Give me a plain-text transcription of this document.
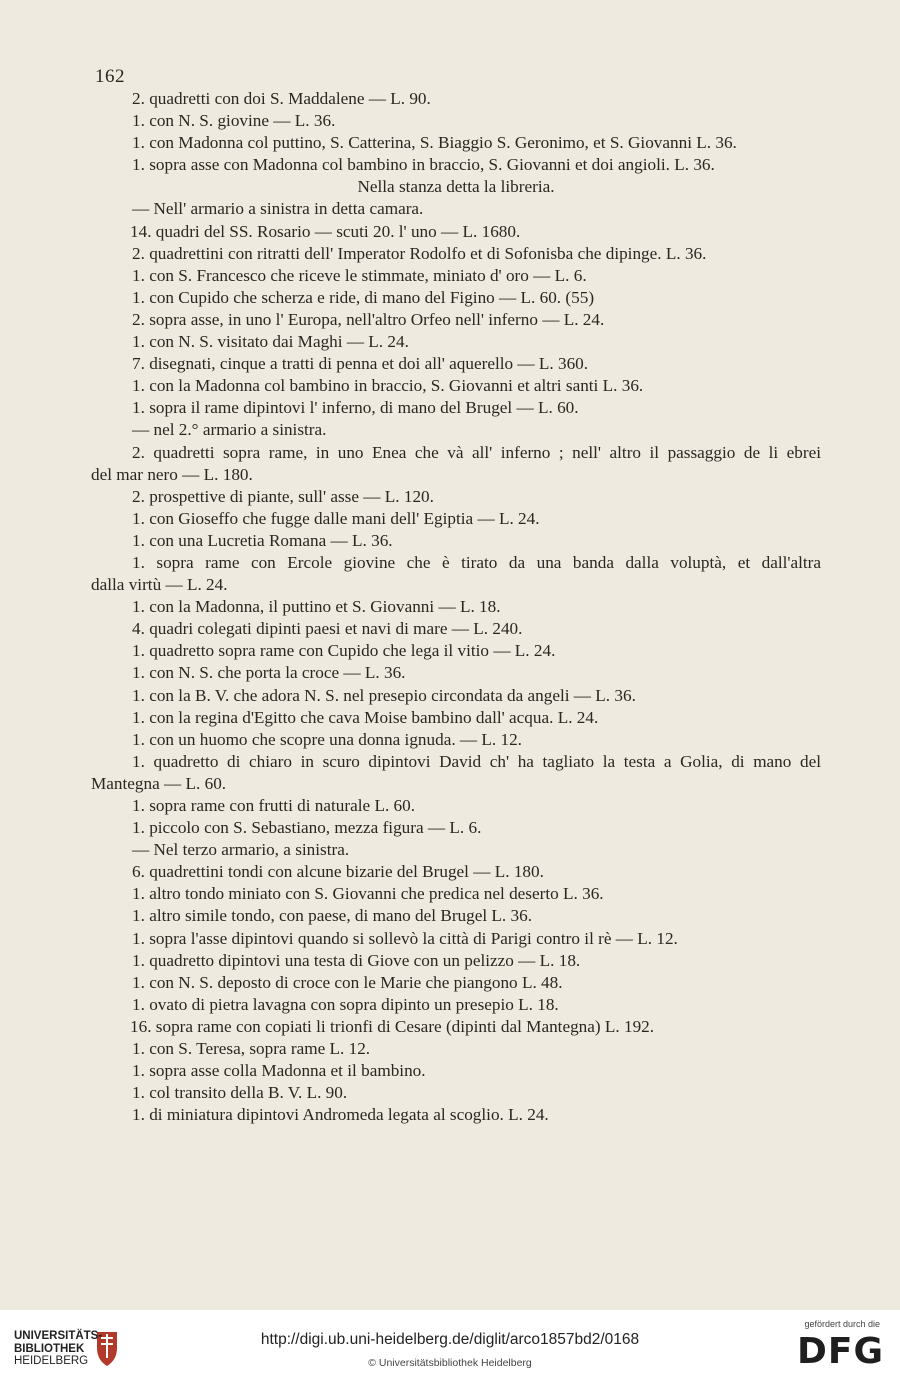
162
2. quadretti con doi S. Maddalene — L. 90.
1. con N. S. giovine — L. 36.
1. con Madonna col puttino, S. Catterina, S. Biaggio S. Geronimo, et S. Giovanni L. 36.
1. sopra asse con Madonna col bambino in braccio, S. Giovanni et doi angioli. L. 36.
Nella stanza detta la libreria.
— Nell' armario a sinistra in detta camara.
14. quadri del SS. Rosario — scuti 20. l' uno — L. 1680.
2. quadrettini con ritratti dell' Imperator Rodolfo et di Sofonisba che dipinge. L. 36.
1. con S. Francesco che riceve le stimmate, miniato d' oro — L. 6.
1. con Cupido che scherza e ride, di mano del Figino — L. 60. (55)
2. sopra asse, in uno l' Europa, nell'altro Orfeo nell' inferno — L. 24.
1. con N. S. visitato dai Maghi — L. 24.
7. disegnati, cinque a tratti di penna et doi all' aquerello — L. 360.
1. con la Madonna col bambino in braccio, S. Giovanni et altri santi L. 36.
1. sopra il rame dipintovi l' inferno, di mano del Brugel — L. 60.
— nel 2.° armario a sinistra.
2. quadretti sopra rame, in uno Enea che và all' inferno ; nell' altro il passaggio de li ebrei
del mar nero — L. 180.
2. prospettive di piante, sull' asse — L. 120.
1. con Gioseffo che fugge dalle mani dell' Egiptia — L. 24.
1. con una Lucretia Romana — L. 36.
1. sopra rame con Ercole giovine che è tirato da una banda dalla voluptà, et dall'altra
dalla virtù — L. 24.
1. con la Madonna, il puttino et S. Giovanni — L. 18.
4. quadri colegati dipinti paesi et navi di mare — L. 240.
1. quadretto sopra rame con Cupido che lega il vitio — L. 24.
1. con N. S. che porta la croce — L. 36.
1. con la B. V. che adora N. S. nel presepio circondata da angeli — L. 36.
1. con la regina d'Egitto che cava Moise bambino dall' acqua. L. 24.
1. con un huomo che scopre una donna ignuda. — L. 12.
1. quadretto di chiaro in scuro dipintovi David ch' ha tagliato la testa a Golia, di mano del
Mantegna — L. 60.
1. sopra rame con frutti di naturale L. 60.
1. piccolo con S. Sebastiano, mezza figura — L. 6.
— Nel terzo armario, a sinistra.
6. quadrettini tondi con alcune bizarie del Brugel — L. 180.
1. altro tondo miniato con S. Giovanni che predica nel deserto L. 36.
1. altro simile tondo, con paese, di mano del Brugel L. 36.
1. sopra l'asse dipintovi quando si sollevò la città di Parigi contro il rè — L. 12.
1. quadretto dipintovi una testa di Giove con un pelizzo — L. 18.
1. con N. S. deposto di croce con le Marie che piangono L. 48.
1. ovato di pietra lavagna con sopra dipinto un presepio L. 18.
16. sopra rame con copiati li trionfi di Cesare (dipinti dal Mantegna) L. 192.
1. con S. Teresa, sopra rame L. 12.
1. sopra asse colla Madonna et il bambino.
1. col transito della B. V. L. 90.
1. di miniatura dipintovi Andromeda legata al scoglio. L. 24.
UNIVERSITÄTS-
BIBLIOTHEK
HEIDELBERG
http://digi.ub.uni-heidelberg.de/diglit/arco1857bd2/0168
© Universitätsbibliothek Heidelberg
gefördert durch die
DFG
